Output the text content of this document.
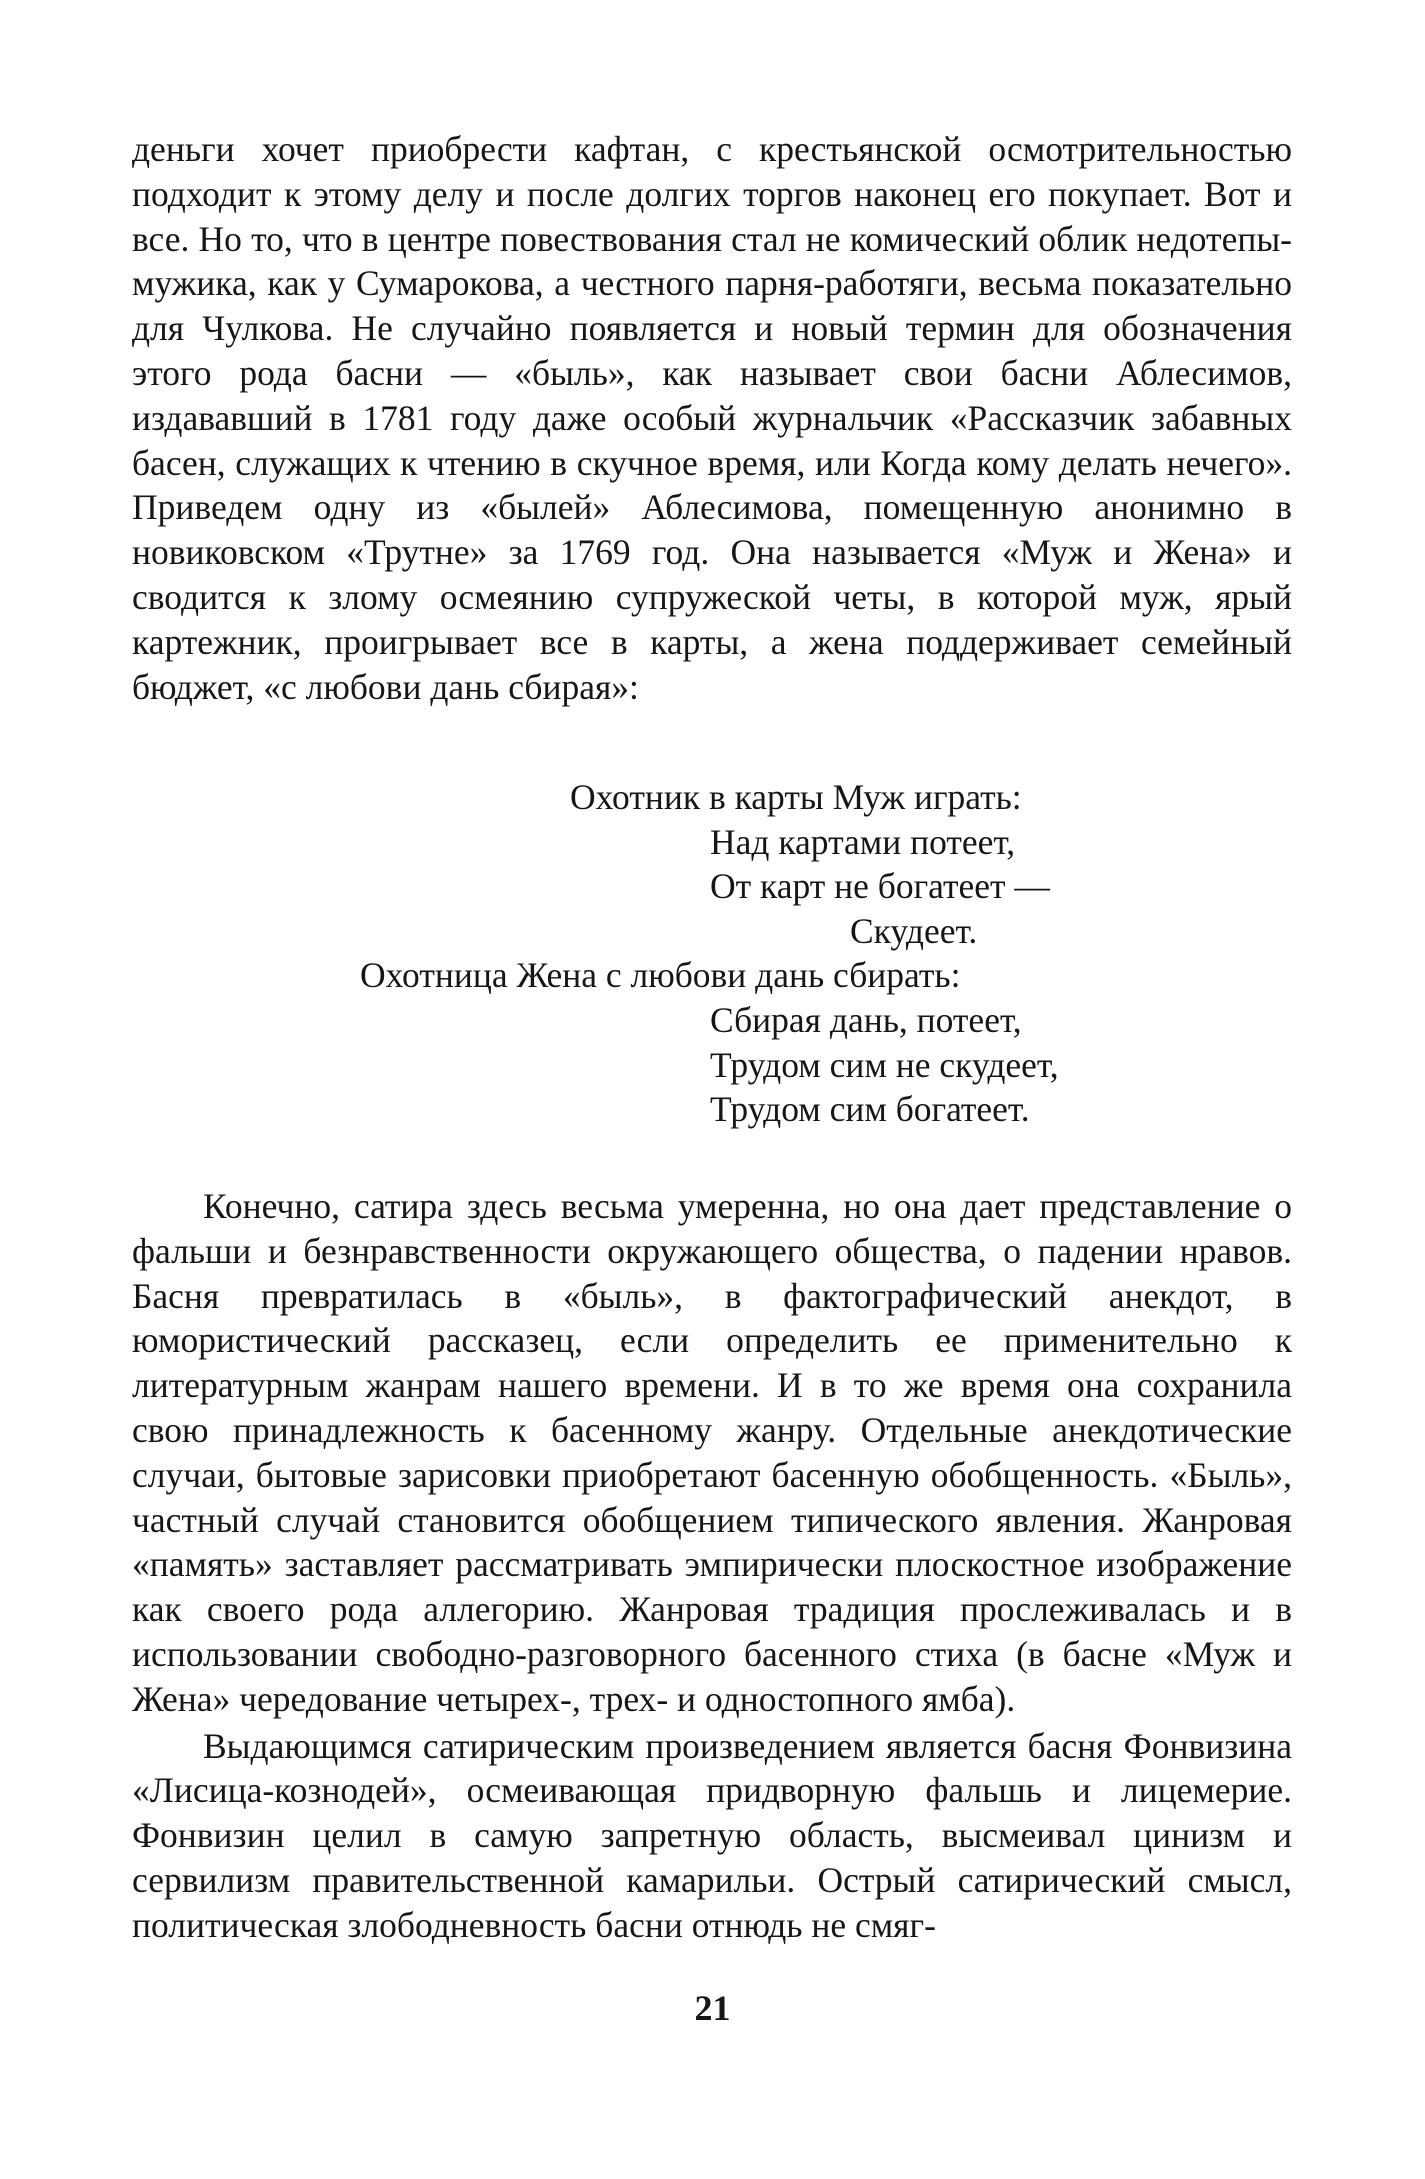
деньги хочет приобрести кафтан, с крестьянской осмотрительностью подходит к этому делу и после долгих торгов наконец его покупает. Вот и все. Но то, что в центре повествования стал не комический облик недотепы-мужика, как у Сумарокова, а честного парня-работяги, весьма показательно для Чулкова. Не случайно появляется и новый термин для обозначения этого рода басни — «быль», как называет свои басни Аблесимов, издававший в 1781 году даже особый журнальчик «Рассказчик забавных басен, служащих к чтению в скучное время, или Когда кому делать нечего». Приведем одну из «былей» Аблесимова, помещенную анонимно в новиковском «Трутне» за 1769 год. Она называется «Муж и Жена» и сводится к злому осмеянию супружеской четы, в которой муж, ярый картежник, проигрывает все в карты, а жена поддерживает семейный бюджет, «с любови дань сбирая»:

Охотник в карты Муж играть:
Над картами потеет,
От карт не богатеет —
Скудеет.
Охотница Жена с любови дань сбирать:
Сбирая дань, потеет,
Трудом сим не скудеет,
Трудом сим богатеет.

Конечно, сатира здесь весьма умеренна, но она дает представление о фальши и безнравственности окружающего общества, о падении нравов. Басня превратилась в «быль», в фактографический анекдот, в юмористический рассказец, если определить ее применительно к литературным жанрам нашего времени. И в то же время она сохранила свою принадлежность к басенному жанру. Отдельные анекдотические случаи, бытовые зарисовки приобретают басенную обобщенность. «Быль», частный случай становится обобщением типического явления. Жанровая «память» заставляет рассматривать эмпирически плоскостное изображение как своего рода аллегорию. Жанровая традиция прослеживалась и в использовании свободно-разговорного басенного стиха (в басне «Муж и Жена» чередование четырех-, трех- и одностопного ямба).

Выдающимся сатирическим произведением является басня Фонвизина «Лисица-кознодей», осмеивающая придворную фальшь и лицемерие. Фонвизин целил в самую запретную область, высмеивал цинизм и сервилизм правительственной камарильи. Острый сатирический смысл, политическая злободневность басни отнюдь не смяг-

21
